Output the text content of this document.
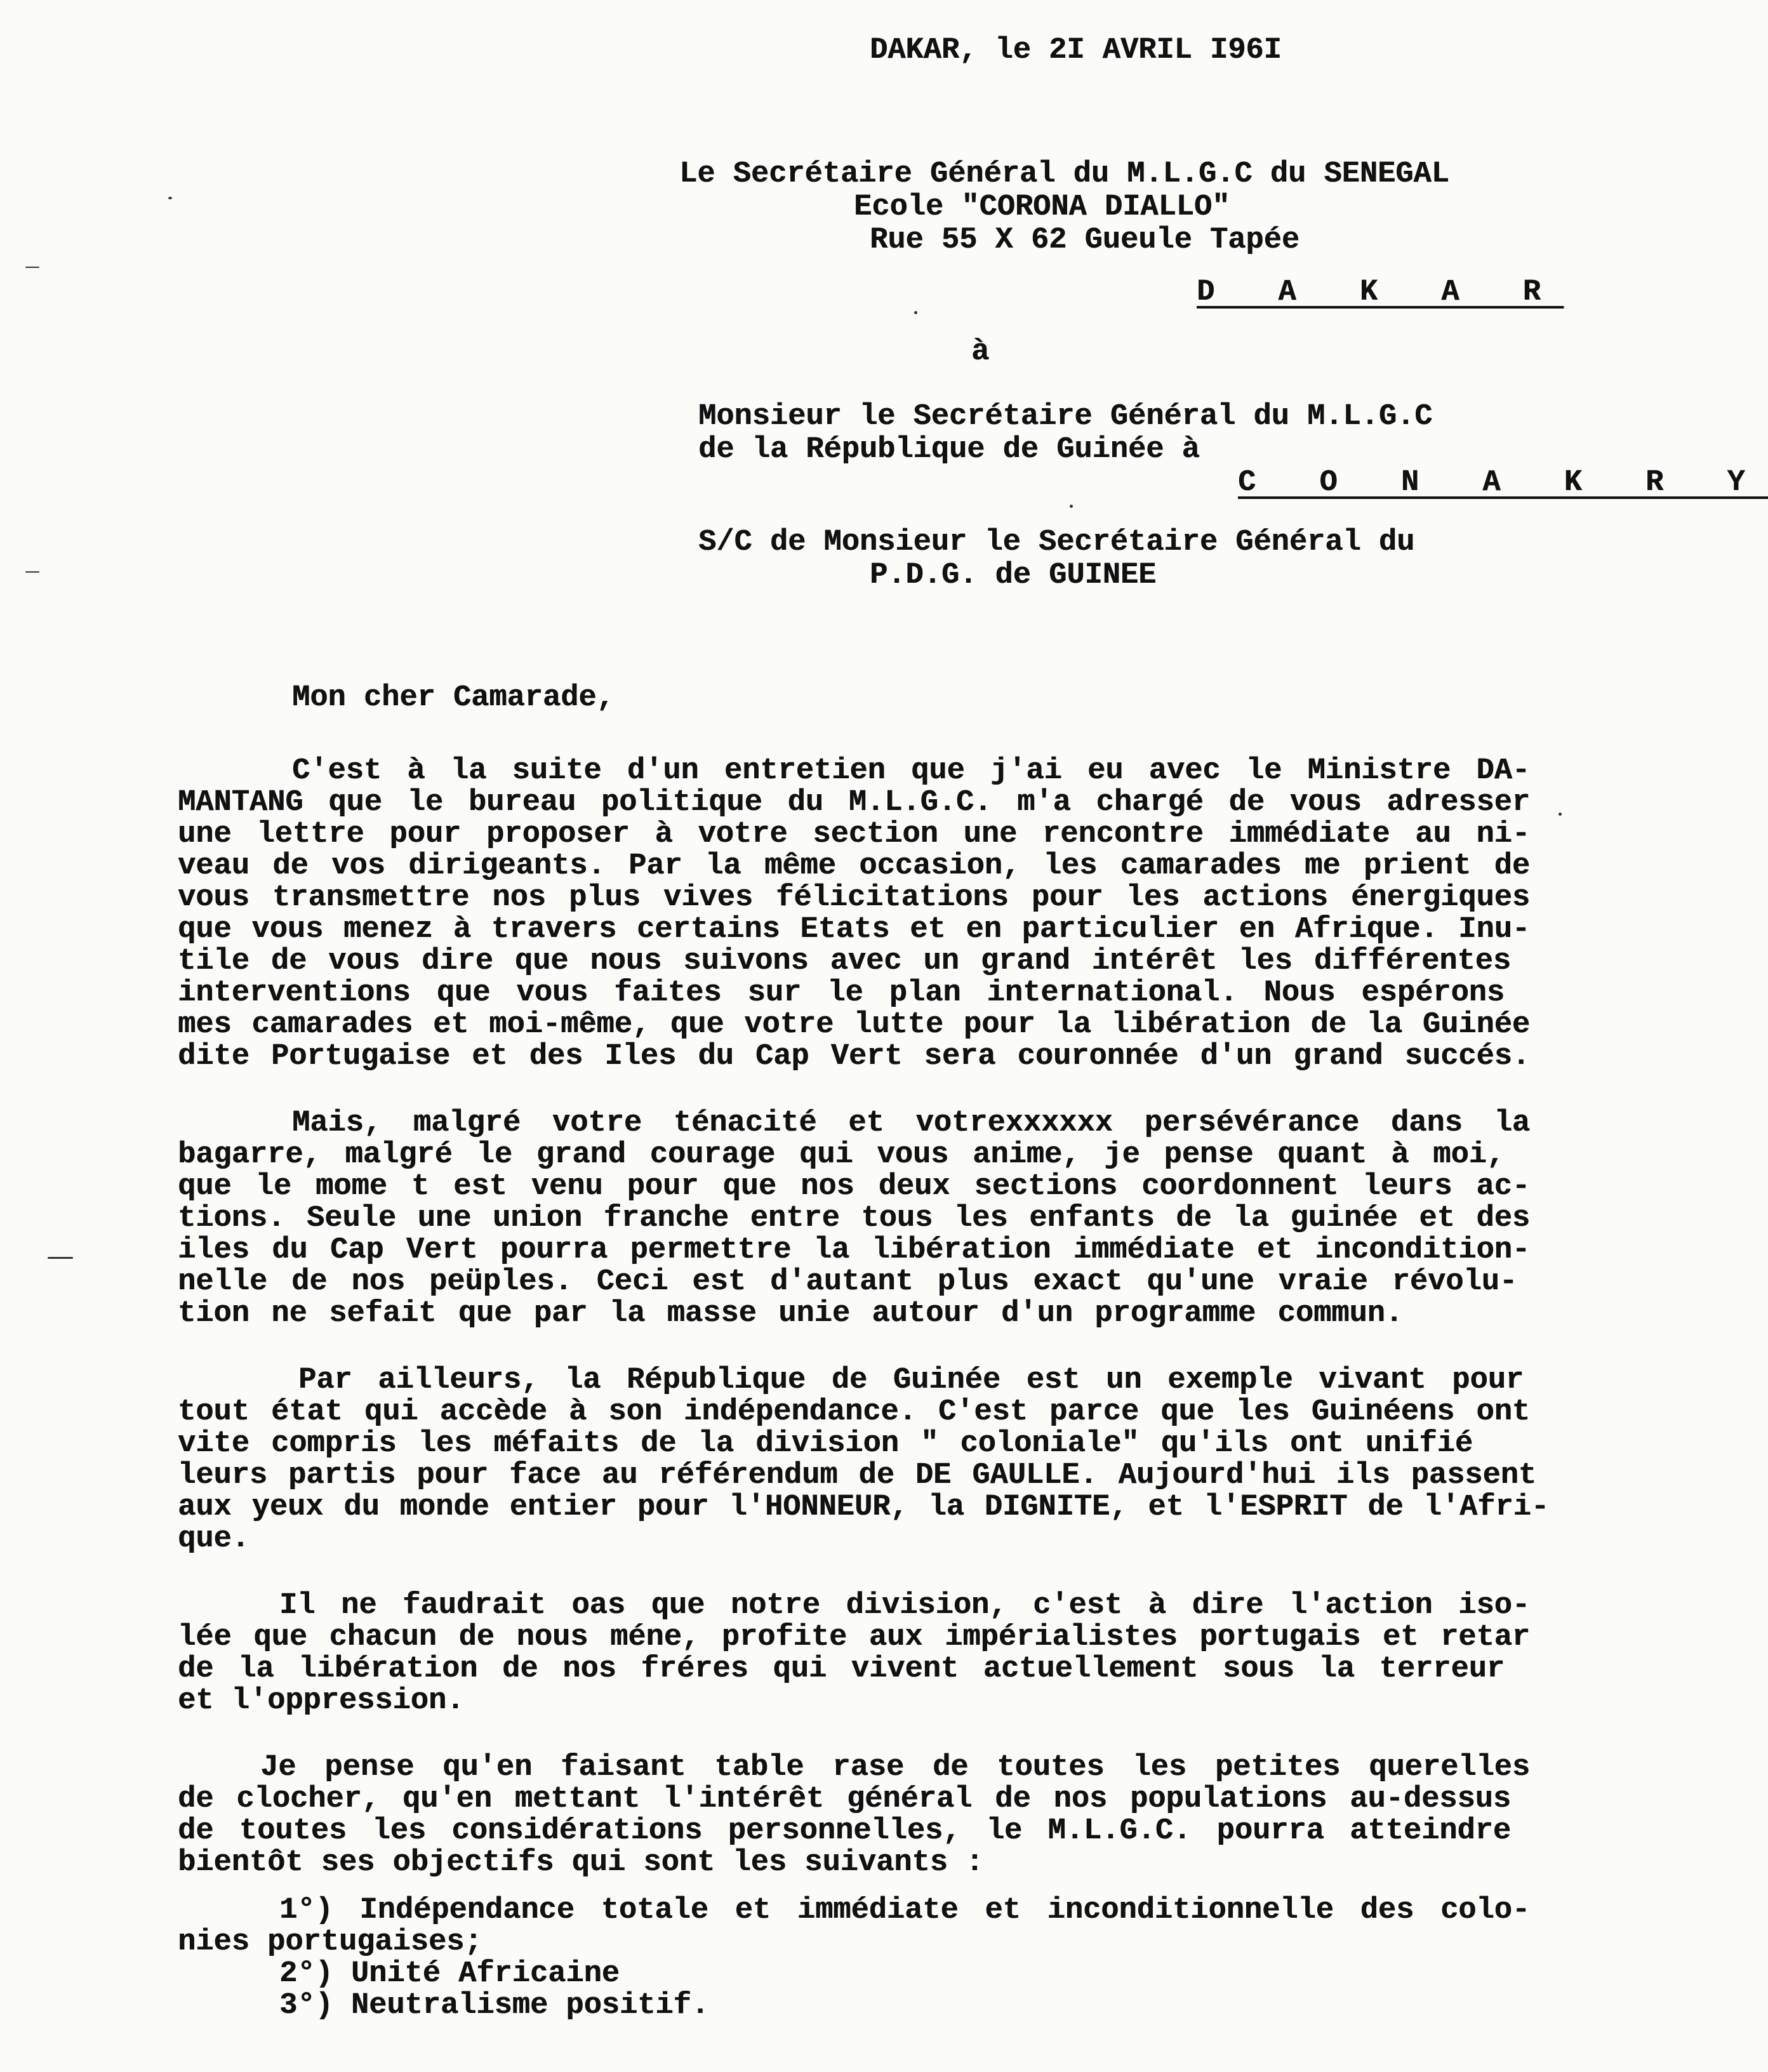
DAKAR, le 2I AVRIL I96I
Le Secrétaire Général du M.L.G.C du SENEGAL
Ecole "CORONA DIALLO"
Rue 55 X 62 Gueule Tapée
D A K A R
à
Monsieur le Secrétaire Général du M.L.G.C
de la République de Guinée à
C O N A K R Y
S/C de Monsieur le Secrétaire Général du
P.D.G. de GUINEE
Mon cher Camarade,
C'est à la suite d'un entretien que j'ai eu avec le Ministre DA-
MANTANG que le bureau politique du M.L.G.C. m'a chargé de vous adresser
une lettre pour proposer à votre section une rencontre immédiate au ni-
veau de vos dirigeants. Par la même occasion, les camarades me prient de
vous transmettre nos plus vives félicitations pour les actions énergiques
que vous menez à travers certains Etats et en particulier en Afrique. Inu-
tile de vous dire que nous suivons avec un grand intérêt les différentes
interventions que vous faites sur le plan international. Nous espérons
mes camarades et moi-même, que votre lutte pour la libération de la Guinée
dite Portugaise et des Iles du Cap Vert sera couronnée d'un grand succés.
Mais, malgré votre ténacité et votrexxxxxx persévérance dans la
bagarre, malgré le grand courage qui vous anime, je pense quant à moi,
que le mome t est venu pour que nos deux sections coordonnent leurs ac-
tions. Seule une union franche entre tous les enfants de la guinée et des
iles du Cap Vert pourra permettre la libération immédiate et incondition-
nelle de nos peüples. Ceci est d'autant plus exact qu'une vraie révolu-
tion ne sefait que par la masse unie autour d'un programme commun.
Par ailleurs, la République de Guinée est un exemple vivant pour
tout état qui accède à son indépendance. C'est parce que les Guinéens ont
vite compris les méfaits de la division " coloniale" qu'ils ont unifié
leurs partis pour face au référendum de DE GAULLE. Aujourd'hui ils passent
aux yeux du monde entier pour l'HONNEUR, la DIGNITE, et l'ESPRIT de l'Afri-
que.
Il ne faudrait oas que notre division, c'est à dire l'action iso-
lée que chacun de nous méne, profite aux impérialistes portugais et retar
de la libération de nos fréres qui vivent actuellement sous la terreur
et l'oppression.
Je pense qu'en faisant table rase de toutes les petites querelles
de clocher, qu'en mettant l'intérêt général de nos populations au-dessus
de toutes les considérations personnelles, le M.L.G.C. pourra atteindre
bientôt ses objectifs qui sont les suivants :
1°) Indépendance totale et immédiate et inconditionnelle des colo-
nies portugaises;
2°) Unité Africaine
3°) Neutralisme positif.
